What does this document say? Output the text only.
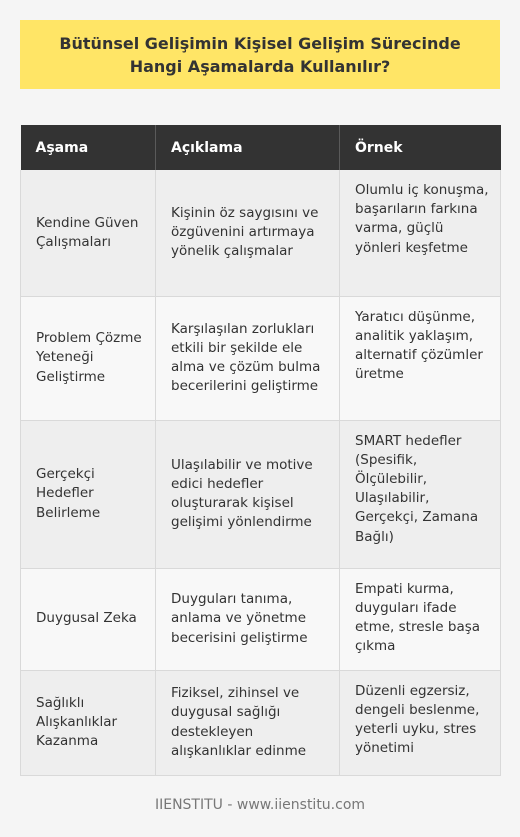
Bütünsel Gelişimin Kişisel Gelişim Sürecinde Hangi Aşamalarda Kullanılır?
Aşama	Açıklama	Örnek
Kendine Güven Çalışmaları	Kişinin öz saygısını ve özgüvenini artırmaya yönelik çalışmalar	Olumlu iç konuşma, başarıların farkına varma, güçlü yönleri keşfetme
Problem Çözme Yeteneği Geliştirme	Karşılaşılan zorlukları etkili bir şekilde ele alma ve çözüm bulma becerilerini geliştirme	Yaratıcı düşünme, analitik yaklaşım, alternatif çözümler üretme
Gerçekçi Hedefler Belirleme	Ulaşılabilir ve motive edici hedefler oluşturarak kişisel gelişimi yönlendirme	SMART hedefler (Spesifik, Ölçülebilir, Ulaşılabilir, Gerçekçi, Zamana Bağlı)
Duygusal Zeka	Duyguları tanıma, anlama ve yönetme becerisini geliştirme	Empati kurma, duyguları ifade etme, stresle başa çıkma
Sağlıklı Alışkanlıklar Kazanma	Fiziksel, zihinsel ve duygusal sağlığı destekleyen alışkanlıklar edinme	Düzenli egzersiz, dengeli beslenme, yeterli uyku, stres yönetimi
IIENSTITU - www.iienstitu.com
